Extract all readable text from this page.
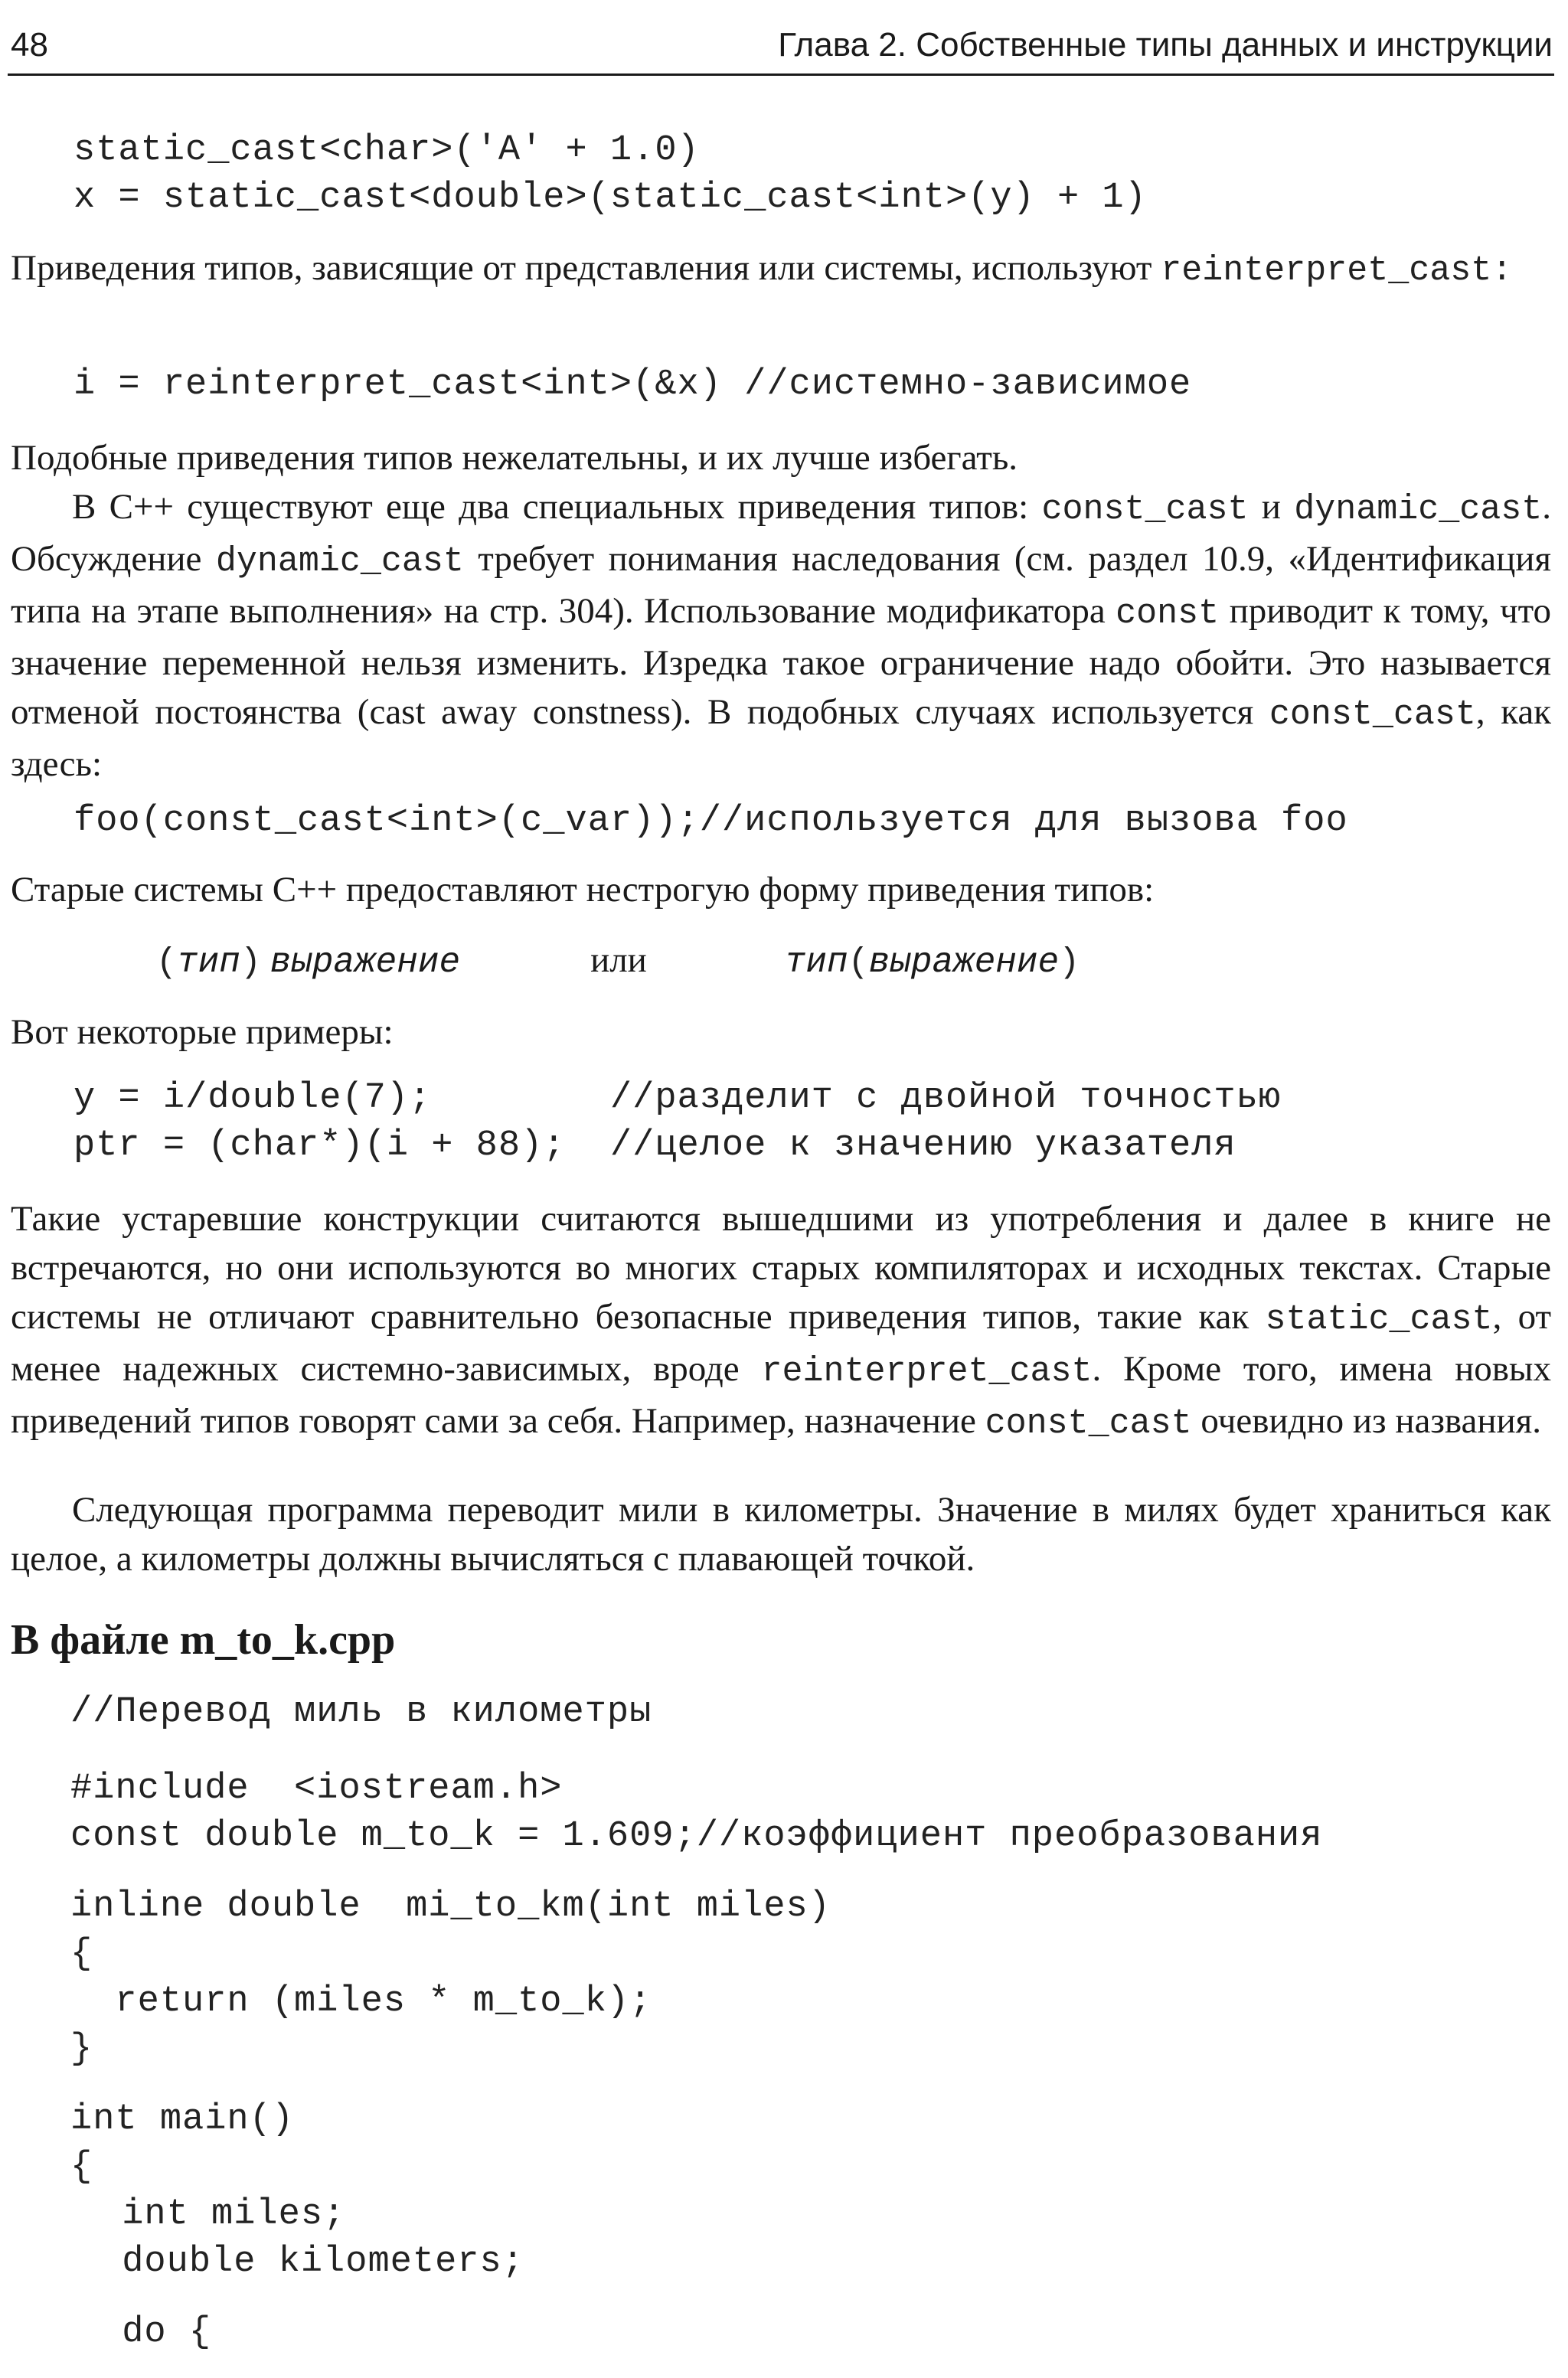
48	Глава 2. Собственные типы данных и инструкции
static_cast<char>('A' + 1.0)
x = static_cast<double>(static_cast<int>(y) + 1)
Приведения типов, зависящие от представления или системы, используют reinterpret_cast:
i = reinterpret_cast<int>(&x) //системно-зависимое
Подобные приведения типов нежелательны, и их лучше избегать.
В С++ существуют еще два специальных приведения типов: const_cast и dynamic_cast. Обсуждение dynamic_cast требует понимания наследования (см. раздел 10.9, «Идентификация типа на этапе выполнения» на стр. 304). Использование модификатора const приводит к тому, что значение переменной нельзя изменить. Изредка такое ограничение надо обойти. Это называется отменой постоянства (cast away constness). В подобных случаях используется const_cast, как здесь:
foo(const_cast<int>(c_var));//используется для вызова foo
Старые системы С++ предоставляют нестрогую форму приведения типов:
(тип) выражение	или	тип(выражение)
Вот некоторые примеры:
y = i/double(7);        //разделит с двойной точностью
ptr = (char*)(i + 88);  //целое к значению указателя
Такие устаревшие конструкции считаются вышедшими из употребления и далее в книге не встречаются, но они используются во многих старых компиляторах и исходных текстах. Старые системы не отличают сравнительно безопасные приведения типов, такие как static_cast, от менее надежных системно-зависимых, вроде reinterpret_cast. Кроме того, имена новых приведений типов говорят сами за себя. Например, назначение const_cast очевидно из названия.
Следующая программа переводит мили в километры. Значение в милях будет храниться как целое, а километры должны вычисляться с плавающей точкой.
В файле m_to_k.cpp
//Перевод миль в километры
#include  <iostream.h>
const double m_to_k = 1.609;//коэффициент преобразования
inline double  mi_to_km(int miles)
{
return (miles * m_to_k);
}
int main()
{
int miles;
double kilometers;
do {
